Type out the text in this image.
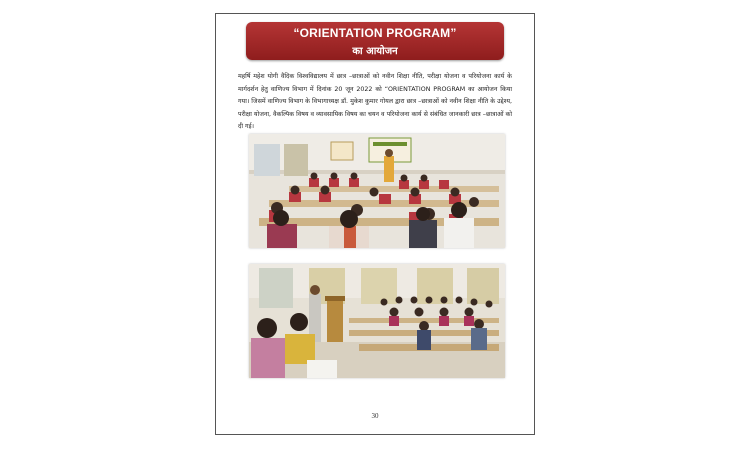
“ORIENTATION PROGRAM”
का आयोजन
महर्षि महेश योगी वैदिक विश्वविद्यालय में छात्र –छात्राओं को नवीन शिक्षा नीति, परीक्षा योजना व परियोजना कार्य के मार्गदर्शन हेतु वाणिज्य विभाग में दिनांक 20 जून 2022 को “ORIENTATION PROGRAM का आयोजन किया गया। जिसमें वाणिज्य विभाग के विभागाध्यक्ष डॉ. मुकेश कुमार गोयल द्वारा छात्र –छात्राओं को नवीन शिक्षा नीति के उद्देश्य, परीक्षा योजना, वैकल्पिक विषय व व्यावसायिक विषय का चयन व परियोजना कार्य से संबंधित जानकारी छात्र –छात्राओं को दी गई।
30
